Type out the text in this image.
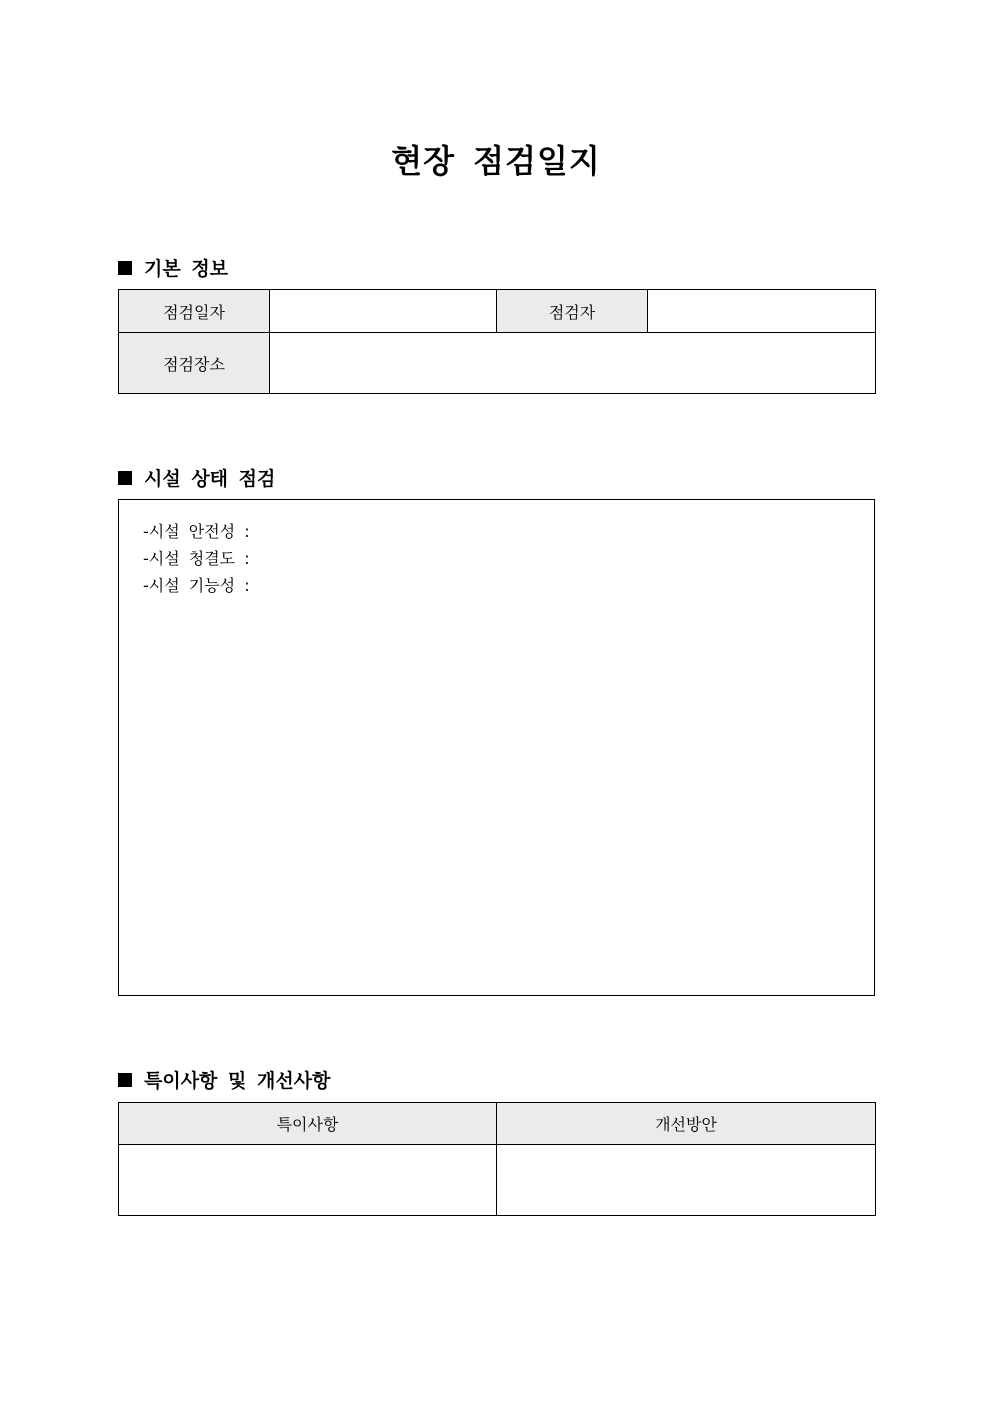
현장 점검일지
기본 정보
점검일자		점검자	
점검장소			
시설 상태 점검
-시설 안전성 :
-시설 청결도 :
-시설 기능성 :
특이사항 및 개선사항
특이사항	개선방안
